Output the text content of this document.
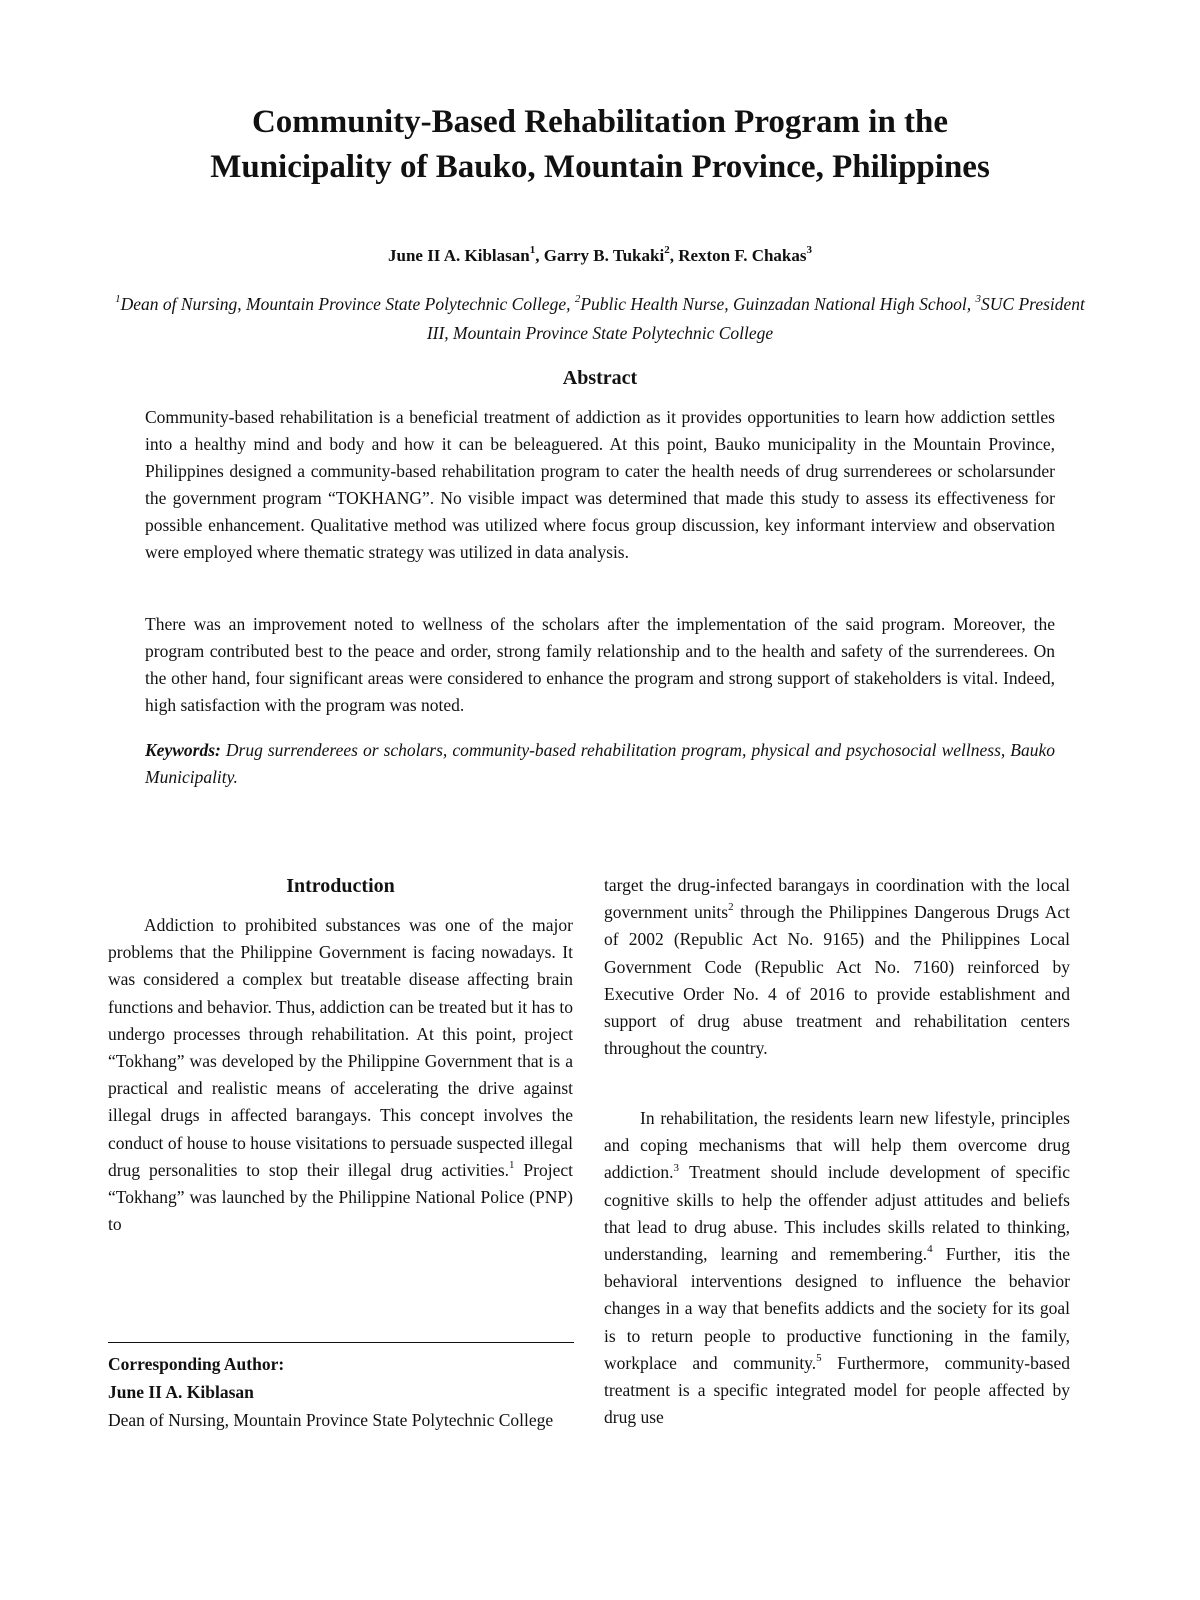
Community-Based Rehabilitation Program in the
Municipality of Bauko, Mountain Province, Philippines
June II A. Kiblasan$^1$, Garry B. Tukaki$^2$, Rexton F. Chakas$^3$
$^1$Dean of Nursing, Mountain Province State Polytechnic College, $^2$Public Health Nurse, Guinzadan National High School, $^3$SUC President III, Mountain Province State Polytechnic College
Abstract

Community-based rehabilitation is a beneficial treatment of addiction as it provides opportunities to learn how addiction settles into a healthy mind and body and how it can be beleaguered. At this point, Bauko municipality in the Mountain Province, Philippines designed a community-based rehabilitation program to cater the health needs of drug surrenderees or scholarsunder the government program “TOKHANG”. No visible impact was determined that made this study to assess its effectiveness for possible enhancement. Qualitative method was utilized where focus group discussion, key informant interview and observation were employed where thematic strategy was utilized in data analysis.

There was an improvement noted to wellness of the scholars after the implementation of the said program. Moreover, the program contributed best to the peace and order, strong family relationship and to the health and safety of the surrenderees. On the other hand, four significant areas were considered to enhance the program and strong support of stakeholders is vital. Indeed, high satisfaction with the program was noted.

Keywords: Drug surrenderees or scholars, community-based rehabilitation program, physical and psychosocial wellness, Bauko Municipality.

Introduction

Addiction to prohibited substances was one of the major problems that the Philippine Government is facing nowadays. It was considered a complex but treatable disease affecting brain functions and behavior. Thus, addiction can be treated but it has to undergo processes through rehabilitation. At this point, project “Tokhang” was developed by the Philippine Government that is a practical and realistic means of accelerating the drive against illegal drugs in affected barangays. This concept involves the conduct of house to house visitations to persuade suspected illegal drug personalities to stop their illegal drug activities.$^1$ Project “Tokhang” was launched by the Philippine National Police (PNP) to

target the drug-infected barangays in coordination with the local government units$^2$ through the Philippines Dangerous Drugs Act of 2002 (Republic Act No. 9165) and the Philippines Local Government Code (Republic Act No. 7160) reinforced by Executive Order No. 4 of 2016 to provide establishment and support of drug abuse treatment and rehabilitation centers throughout the country.

In rehabilitation, the residents learn new lifestyle, principles and coping mechanisms that will help them overcome drug addiction.$^3$ Treatment should include development of specific cognitive skills to help the offender adjust attitudes and beliefs that lead to drug abuse. This includes skills related to thinking, understanding, learning and remembering.$^4$ Further, itis the behavioral interventions designed to influence the behavior changes in a way that benefits addicts and the society for its goal is to return people to productive functioning in the family, workplace and community.$^5$ Furthermore, community-based treatment is a specific integrated model for people affected by drug use

Corresponding Author:
June II A. Kiblasan
Dean of Nursing, Mountain Province State Polytechnic College
